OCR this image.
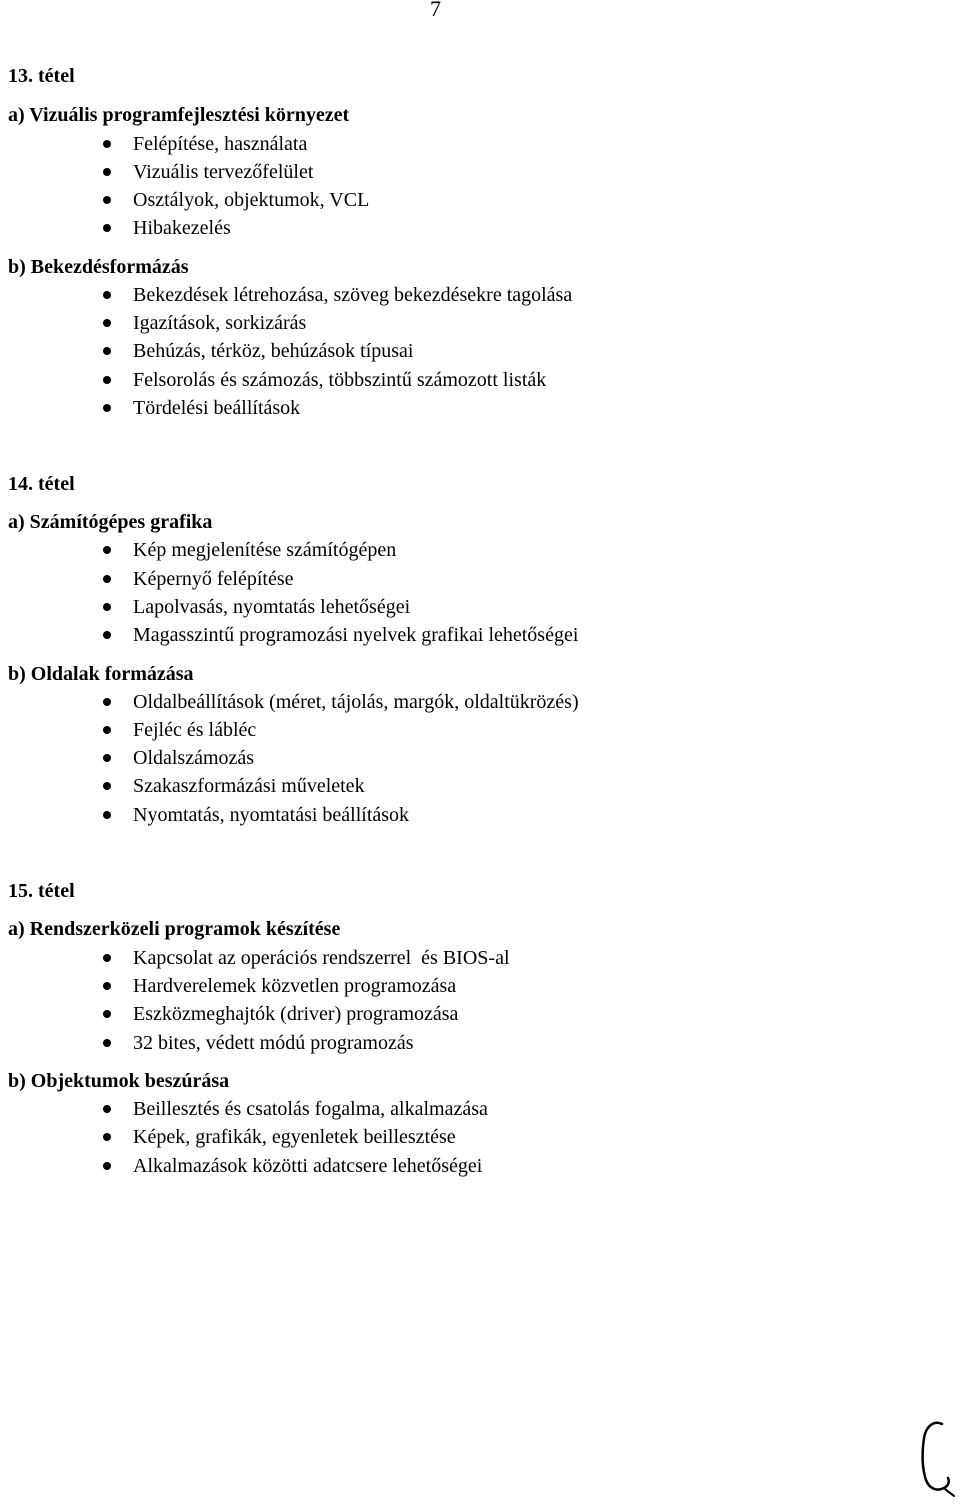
7
13. tétel
a) Vizuális programfejlesztési környezet
Felépítése, használata
Vizuális tervezőfelület
Osztályok, objektumok, VCL
Hibakezelés
b) Bekezdésformázás
Bekezdések létrehozása, szöveg bekezdésekre tagolása
Igazítások, sorkizárás
Behúzás, térköz, behúzások típusai
Felsorolás és számozás, többszintű számozott listák
Tördelési beállítások
14. tétel
a) Számítógépes grafika
Kép megjelenítése számítógépen
Képernyő felépítése
Lapolvasás, nyomtatás lehetőségei
Magasszintű programozási nyelvek grafikai lehetőségei
b) Oldalak formázása
Oldalbeállítások (méret, tájolás, margók, oldaltükrözés)
Fejléc és lábléc
Oldalszámozás
Szakaszformázási műveletek
Nyomtatás, nyomtatási beállítások
15. tétel
a) Rendszerközeli programok készítése
Kapcsolat az operációs rendszerrel  és BIOS-al
Hardverelemek közvetlen programozása
Eszközmeghajtók (driver) programozása
32 bites, védett módú programozás
b) Objektumok beszúrása
Beillesztés és csatolás fogalma, alkalmazása
Képek, grafikák, egyenletek beillesztése
Alkalmazások közötti adatcsere lehetőségei
